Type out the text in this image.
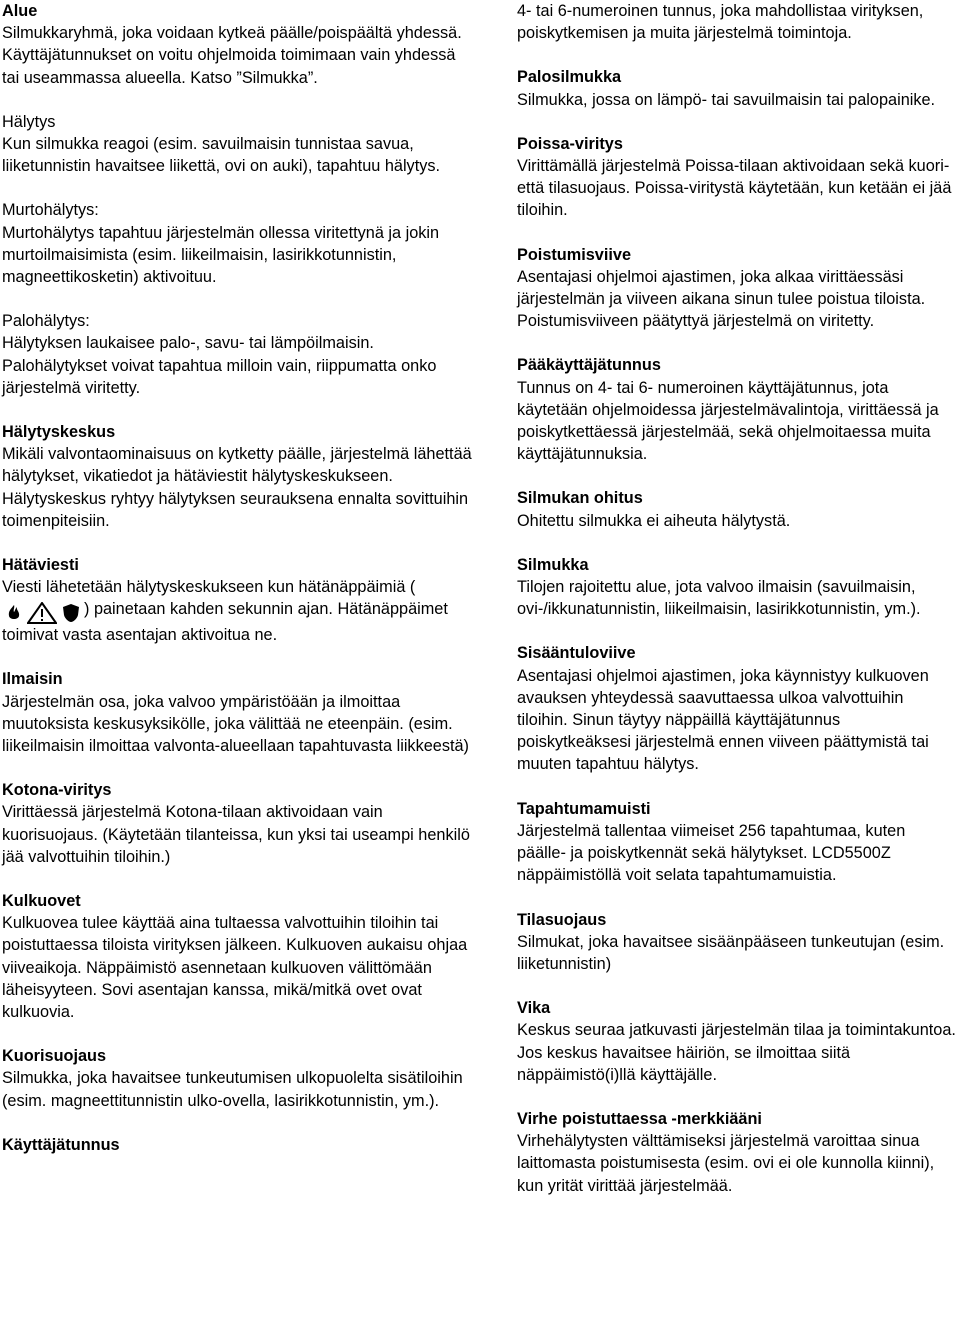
Alue

Silmukkaryhmä, joka voidaan kytkeä päälle/poispäältä yhdessä. Käyttäjätunnukset on voitu ohjelmoida toimimaan vain yhdessä tai useammassa alueella. Katso ”Silmukka”.

Hälytys

Kun silmukka reagoi (esim. savuilmaisin tunnistaa savua, liiketunnistin havaitsee liikettä, ovi on auki), tapahtuu hälytys.

Murtohälytys:

Murtohälytys tapahtuu järjestelmän ollessa viritettynä ja jokin murtoilmaisimista (esim. liikeilmaisin, lasirikkotunnistin, magneettikosketin) aktivoituu.

Palohälytys:

Hälytyksen laukaisee palo-, savu- tai lämpöilmaisin. Palohälytykset voivat tapahtua milloin vain, riippumatta onko järjestelmä viritetty.

Hälytyskeskus

Mikäli valvontaominaisuus on kytketty päälle, järjestelmä lähettää hälytykset, vikatiedot ja hätäviestit hälytyskeskukseen. Hälytyskeskus ryhtyy hälytyksen seurauksena ennalta sovittuihin toimenpiteisiin.

Hätäviesti

Viesti lähetetään hälytyskeskukseen kun hätänäppäimiä () painetaan kahden sekunnin ajan. Hätänäppäimet toimivat vasta asentajan aktivoitua ne.

Ilmaisin

Järjestelmän osa, joka valvoo ympäristöään ja ilmoittaa muutoksista keskusyksikölle, joka välittää ne eteenpäin. (esim. liikeilmaisin ilmoittaa valvonta-alueellaan tapahtuvasta liikkeestä)

Kotona-viritys

Virittäessä järjestelmä Kotona-tilaan aktivoidaan vain kuorisuojaus. (Käytetään tilanteissa, kun yksi tai useampi henkilö jää valvottuihin tiloihin.)

Kulkuovet

Kulkuovea tulee käyttää aina tultaessa valvottuihin tiloihin tai poistuttaessa tiloista virityksen jälkeen. Kulkuoven aukaisu ohjaa viiveaikoja. Näppäimistö asennetaan kulkuoven välittömään läheisyyteen. Sovi asentajan kanssa, mikä/mitkä ovet ovat kulkuovia.

Kuorisuojaus

Silmukka, joka havaitsee tunkeutumisen ulkopuolelta sisätiloihin (esim. magneettitunnistin ulko-ovella, lasirikkotunnistin, ym.).

Käyttäjätunnus

4- tai 6-numeroinen tunnus, joka mahdollistaa virityksen, poiskytkemisen ja muita järjestelmä toimintoja.

Palosilmukka

Silmukka, jossa on lämpö- tai savuilmaisin tai palopainike.

Poissa-viritys

Virittämällä järjestelmä Poissa-tilaan aktivoidaan sekä kuori- että tilasuojaus. Poissa-viritystä käytetään, kun ketään ei jää tiloihin.

Poistumisviive

Asentajasi ohjelmoi ajastimen, joka alkaa virittäessäsi järjestelmän ja viiveen aikana sinun tulee poistua tiloista. Poistumisviiveen päätyttyä järjestelmä on viritetty.

Pääkäyttäjätunnus

Tunnus on 4- tai 6- numeroinen käyttäjätunnus, jota käytetään ohjelmoidessa järjestelmävalintoja, virittäessä ja poiskytkettäessä järjestelmää, sekä ohjelmoitaessa muita käyttäjätunnuksia.

Silmukan ohitus

Ohitettu silmukka ei aiheuta hälytystä.

Silmukka

Tilojen rajoitettu alue, jota valvoo ilmaisin (savuilmaisin, ovi-/ikkunatunnistin, liikeilmaisin, lasirikkotunnistin, ym.).

Sisääntuloviive

Asentajasi ohjelmoi ajastimen, joka käynnistyy kulkuoven avauksen yhteydessä saavuttaessa ulkoa valvottuihin tiloihin. Sinun täytyy näppäillä käyttäjätunnus poiskytkeäksesi järjestelmä ennen viiveen päättymistä tai muuten tapahtuu hälytys.

Tapahtumamuisti

Järjestelmä tallentaa viimeiset 256 tapahtumaa, kuten päälle- ja poiskytkennät sekä hälytykset. LCD5500Z näppäimistöllä voit selata tapahtumamuistia.

Tilasuojaus

Silmukat, joka havaitsee sisäänpääseen tunkeutujan (esim. liiketunnistin)

Vika

Keskus seuraa jatkuvasti järjestelmän tilaa ja toimintakuntoa. Jos keskus havaitsee häiriön, se ilmoittaa siitä näppäimistö(i)llä käyttäjälle.

Virhe poistuttaessa -merkkiääni

Virhehälytysten välttämiseksi järjestelmä varoittaa sinua laittomasta poistumisesta (esim. ovi ei ole kunnolla kiinni), kun yrität virittää järjestelmää.
